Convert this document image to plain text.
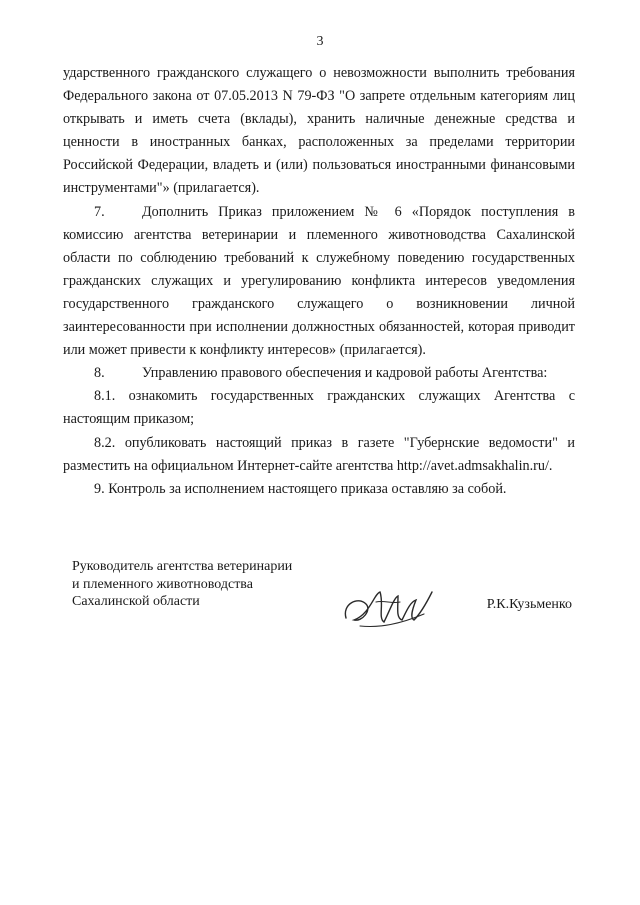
3

ударственного гражданского служащего о невозможности выполнить требования Федерального закона от 07.05.2013 N 79-ФЗ "О запрете отдельным категориям лиц открывать и иметь счета (вклады), хранить наличные денежные средства и ценности в иностранных банках, расположенных за пределами территории Российской Федерации, владеть и (или) пользоваться иностранными финансовыми инструментами"» (прилагается).

7.	Дополнить Приказ приложением № 6 «Порядок поступления в комиссию агентства ветеринарии и племенного животноводства Сахалинской области по соблюдению требований к служебному поведению государственных гражданских служащих и урегулированию конфликта интересов уведомления государственного гражданского служащего о возникновении личной заинтересованности при исполнении должностных обязанностей, которая приводит или может привести к конфликту интересов» (прилагается).

8.	Управлению правового обеспечения и кадровой работы Агентства:

8.1. ознакомить государственных гражданских служащих Агентства с настоящим приказом;

8.2. опубликовать настоящий приказ в газете "Губернские ведомости" и разместить на официальном Интернет-сайте агентства http://avet.admsakhalin.ru/.

9. Контроль за исполнением настоящего приказа оставляю за собой.

Руководитель агентства ветеринарии
и племенного животноводства
Сахалинской области	Р.К.Кузьменко
